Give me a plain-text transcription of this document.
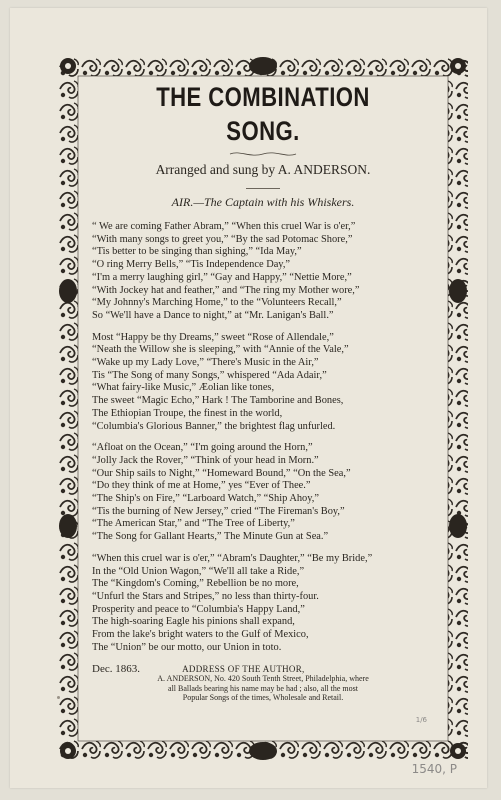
THE COMBINATION SONG.
Arranged and sung by A. ANDERSON.
AIR.—The Captain with his Whiskers.
“ We are coming Father Abram,” “When this cruel War is o'er,”
“With many songs to greet you,” “By the sad Potomac Shore,”
“Tis better to be singing than sighing,” “Ida May,”
“O ring Merry Bells,” “Tis Independence Day,”
“I'm a merry laughing girl,” “Gay and Happy,” “Nettie More,”
“With Jockey hat and feather,” and “The ring my Mother wore,”
“My Johnny's Marching Home,” to the “Volunteers Recall,”
So “We'll have a Dance to night,” at “Mr. Lanigan's Ball.”
Most “Happy be thy Dreams,” sweet “Rose of Allendale,”
“Neath the Willow she is sleeping,” with “Annie of the Vale,”
“Wake up my Lady Love,” “There's Music in the Air,”
Tis “The Song of many Songs,” whispered “Ada Adair,”
“What fairy-like Music,” Æolian like tones,
The sweet “Magic Echo,” Hark ! The Tamborine and Bones,
The Ethiopian Troupe, the finest in the world,
“Columbia's Glorious Banner,” the brightest flag unfurled.
“Afloat on the Ocean,” “I'm going around the Horn,”
“Jolly Jack the Rover,” “Think of your head in Morn.”
“Our Ship sails to Night,” “Homeward Bound,” “On the Sea,”
“Do they think of me at Home,” yes “Ever of Thee.”
“The Ship's on Fire,” “Larboard Watch,” “Ship Ahoy,”
“Tis the burning of New Jersey,” cried “The Fireman's Boy,”
“The American Star,” and “The Tree of Liberty,”
“The Song for Gallant Hearts,” The Minute Gun at Sea.”
“When this cruel war is o'er,” “Abram's Daughter,” “Be my Bride,”
In the “Old Union Wagon,” “We'll all take a Ride,”
The “Kingdom's Coming,” Rebellion be no more,
“Unfurl the Stars and Stripes,” no less than thirty-four.
Prosperity and peace to “Columbia's Happy Land,”
The high-soaring Eagle his pinions shall expand,
From the lake's bright waters to the Gulf of Mexico,
The “Union” be our motto, our Union in toto.
Dec. 1863.	ADDRESS OF THE AUTHOR,
A. ANDERSON, No. 420 South Tenth Street, Philadelphia, where
all Ballads bearing his name may be had ; also, all the most
Popular Songs of the times, Wholesale and Retail.
1/6
1540, P
